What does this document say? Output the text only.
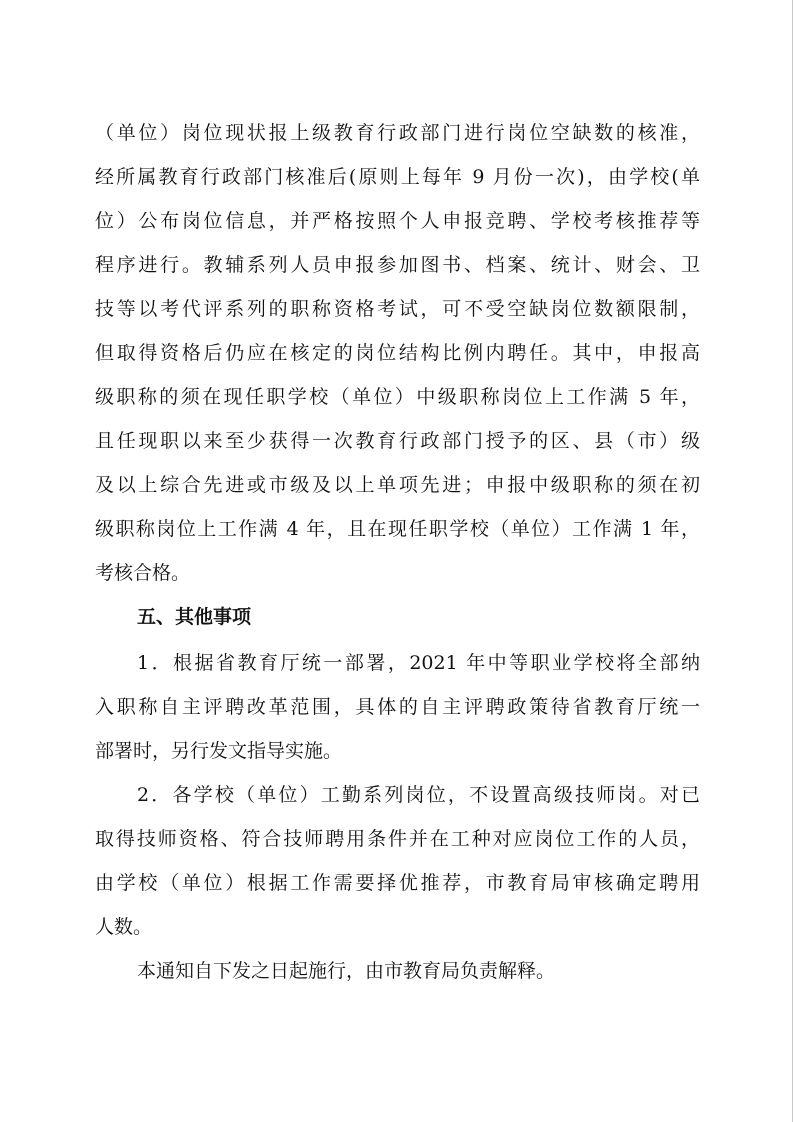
（单位）岗位现状报上级教育行政部门进行岗位空缺数的核准，
经所属教育行政部门核准后(原则上每年 9 月份一次)，由学校(单
位）公布岗位信息，并严格按照个人申报竞聘、学校考核推荐等
程序进行。教辅系列人员申报参加图书、档案、统计、财会、卫
技等以考代评系列的职称资格考试，可不受空缺岗位数额限制，
但取得资格后仍应在核定的岗位结构比例内聘任。其中，申报高
级职称的须在现任职学校（单位）中级职称岗位上工作满 5 年，
且任现职以来至少获得一次教育行政部门授予的区、县（市）级
及以上综合先进或市级及以上单项先进；申报中级职称的须在初
级职称岗位上工作满 4 年，且在现任职学校（单位）工作满 1 年，
考核合格。
五、其他事项
1．根据省教育厅统一部署，2021 年中等职业学校将全部纳
入职称自主评聘改革范围，具体的自主评聘政策待省教育厅统一
部署时，另行发文指导实施。
2．各学校（单位）工勤系列岗位，不设置高级技师岗。对已
取得技师资格、符合技师聘用条件并在工种对应岗位工作的人员，
由学校（单位）根据工作需要择优推荐，市教育局审核确定聘用
人数。
本通知自下发之日起施行，由市教育局负责解释。
